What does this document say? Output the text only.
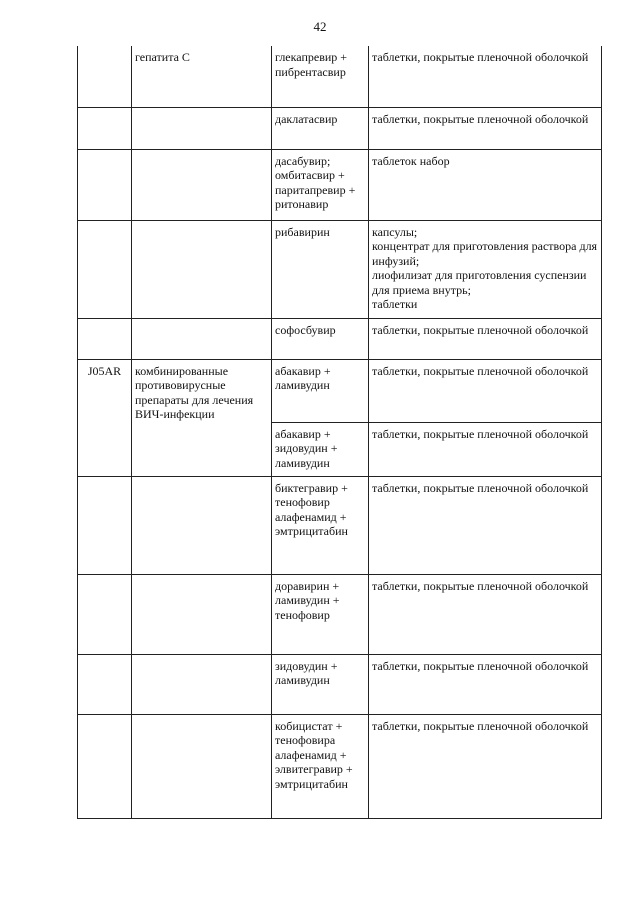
42
	гепатита С	глекапревир + пибрентасвир	таблетки, покрытые пленочной оболочкой
		даклатасвир	таблетки, покрытые пленочной оболочкой
		дасабувир; омбитасвир + паритапревир + ритонавир	таблеток набор
		рибавирин	капсулы;
концентрат для приготовления раствора для инфузий;
лиофилизат для приготовления суспензии для приема внутрь;
таблетки
		софосбувир	таблетки, покрытые пленочной оболочкой
J05AR	комбинированные противовирусные препараты для лечения ВИЧ-инфекции	абакавир + ламивудин	таблетки, покрытые пленочной оболочкой
		абакавир + зидовудин + ламивудин	таблетки, покрытые пленочной оболочкой
		биктегравир + тенофовир алафенамид + эмтрицитабин	таблетки, покрытые пленочной оболочкой
		доравирин + ламивудин + тенофовир	таблетки, покрытые пленочной оболочкой
		зидовудин + ламивудин	таблетки, покрытые пленочной оболочкой
		кобицистат + тенофовира алафенамид + элвитегравир + эмтрицитабин	таблетки, покрытые пленочной оболочкой
